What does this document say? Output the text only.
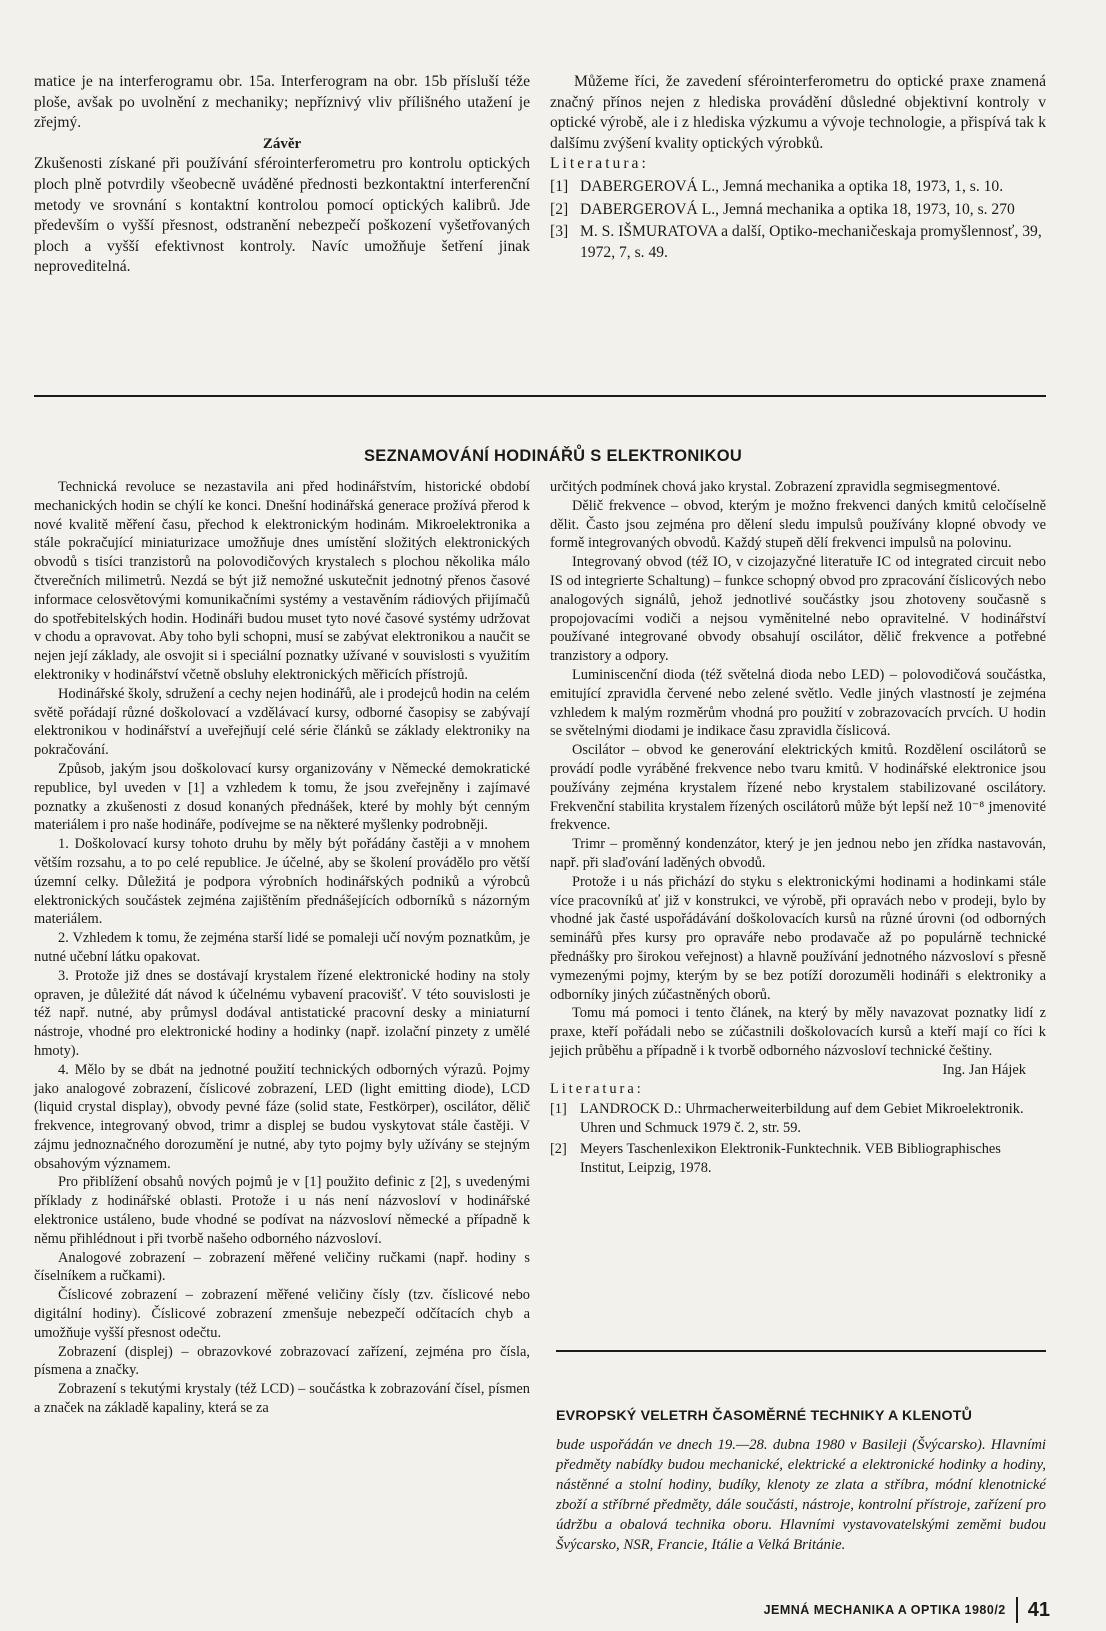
matice je na interferogramu obr. 15a. Interferogram na obr. 15b přísluší téže ploše, avšak po uvolnění z mechaniky; nepříznivý vliv přílišného utažení je zřejmý.

Závěr

Zkušenosti získané při používání sférointerferometru pro kontrolu optických ploch plně potvrdily všeobecně uváděné přednosti bezkontaktní interferenční metody ve srovnání s kontaktní kontrolou pomocí optických kalibrů. Jde především o vyšší přesnost, odstranění nebezpečí poškození vyšetřovaných ploch a vyšší efektivnost kontroly. Navíc umožňuje šetření jinak neproveditelná.

Můžeme říci, že zavedení sférointerferometru do optické praxe znamená značný přínos nejen z hlediska provádění důsledné objektivní kontroly v optické výrobě, ale i z hlediska výzkumu a vývoje technologie, a přispívá tak k dalšímu zvýšení kvality optických výrobků.

Literatura:

[1] DABERGEROVÁ L., Jemná mechanika a optika 18, 1973, 1, s. 10.
[2] DABERGEROVÁ L., Jemná mechanika a optika 18, 1973, 10, s. 270
[3] M. S. IŠMURATOVA a další, Optiko-mechaničeskaja promyšlennosť, 39, 1972, 7, s. 49.
SEZNAMOVÁNÍ HODINÁŘŮ S ELEKTRONIKOU

Technická revoluce se nezastavila ani před hodinářstvím, historické období mechanických hodin se chýlí ke konci. Dnešní hodinářská generace prožívá přerod k nové kvalitě měření času, přechod k elektronickým hodinám. Mikroelektronika a stále pokračující miniaturizace umožňuje dnes umístění složitých elektronických obvodů s tisíci tranzistorů na polovodičových krystalech s plochou několika málo čtverečních milimetrů. Nezdá se být již nemožné uskutečnit jednotný přenos časové informace celosvětovými komunikačními systémy a vestavěním rádiových přijímačů do spotřebitelských hodin. Hodináři budou muset tyto nové časové systémy udržovat v chodu a opravovat. Aby toho byli schopni, musí se zabývat elektronikou a naučit se nejen její základy, ale osvojit si i speciální poznatky užívané v souvislosti s využitím elektroniky v hodinářství včetně obsluhy elektronických měřicích přístrojů.

Hodinářské školy, sdružení a cechy nejen hodinářů, ale i prodejců hodin na celém světě pořádají různé doškolovací a vzdělávací kursy, odborné časopisy se zabývají elektronikou v hodinářství a uveřejňují celé série článků se základy elektroniky na pokračování.

Způsob, jakým jsou doškolovací kursy organizovány v Německé demokratické republice, byl uveden v [1] a vzhledem k tomu, že jsou zveřejněny i zajímavé poznatky a zkušenosti z dosud konaných přednášek, které by mohly být cenným materiálem i pro naše hodináře, podívejme se na některé myšlenky podrobněji.

1. Doškolovací kursy tohoto druhu by měly být pořádány častěji a v mnohem větším rozsahu, a to po celé republice. Je účelné, aby se školení provádělo pro větší územní celky. Důležitá je podpora výrobních hodinářských podniků a výrobců elektronických součástek zejména zajištěním přednášejících odborníků s názorným materiálem.

2. Vzhledem k tomu, že zejména starší lidé se pomaleji učí novým poznatkům, je nutné učební látku opakovat.

3. Protože již dnes se dostávají krystalem řízené elektronické hodiny na stoly opraven, je důležité dát návod k účelnému vybavení pracovišť. V této souvislosti je též např. nutné, aby průmysl dodával antistatické pracovní desky a miniaturní nástroje, vhodné pro elektronické hodiny a hodinky (např. izolační pinzety z umělé hmoty).

4. Mělo by se dbát na jednotné použití technických odborných výrazů. Pojmy jako analogové zobrazení, číslicové zobrazení, LED (light emitting diode), LCD (liquid crystal display), obvody pevné fáze (solid state, Festkörper), oscilátor, dělič frekvence, integrovaný obvod, trimr a displej se budou vyskytovat stále častěji. V zájmu jednoznačného dorozumění je nutné, aby tyto pojmy byly užívány se stejným obsahovým významem.

Pro přiblížení obsahů nových pojmů je v [1] použito definic z [2], s uvedenými příklady z hodinářské oblasti. Protože i u nás není názvosloví v hodinářské elektronice ustáleno, bude vhodné se podívat na názvosloví německé a případně k němu přihlédnout i při tvorbě našeho odborného názvosloví.

Analogové zobrazení – zobrazení měřené veličiny ručkami (např. hodiny s číselníkem a ručkami).

Číslicové zobrazení – zobrazení měřené veličiny čísly (tzv. číslicové nebo digitální hodiny). Číslicové zobrazení zmenšuje nebezpečí odčítacích chyb a umožňuje vyšší přesnost odečtu.

Zobrazení (displej) – obrazovkové zobrazovací zařízení, zejména pro čísla, písmena a značky.

Zobrazení s tekutými krystaly (též LCD) – součástka k zobrazování čísel, písmen a značek na základě kapaliny, která se za

určitých podmínek chová jako krystal. Zobrazení zpravidla segmisegmentové.

Dělič frekvence – obvod, kterým je možno frekvenci daných kmitů celočíselně dělit. Často jsou zejména pro dělení sledu impulsů používány klopné obvody ve formě integrovaných obvodů. Každý stupeň dělí frekvenci impulsů na polovinu.

Integrovaný obvod (též IO, v cizojazyčné literatuře IC od integrated circuit nebo IS od integrierte Schaltung) – funkce schopný obvod pro zpracování číslicových nebo analogových signálů, jehož jednotlivé součástky jsou zhotoveny současně s propojovacími vodiči a nejsou vyměnitelné nebo opravitelné. V hodinářství používané integrované obvody obsahují oscilátor, dělič frekvence a potřebné tranzistory a odpory.

Luminiscenční dioda (též světelná dioda nebo LED) – polovodičová součástka, emitující zpravidla červené nebo zelené světlo. Vedle jiných vlastností je zejména vzhledem k malým rozměrům vhodná pro použití v zobrazovacích prvcích. U hodin se světelnými diodami je indikace času zpravidla číslicová.

Oscilátor – obvod ke generování elektrických kmitů. Rozdělení oscilátorů se provádí podle vyráběné frekvence nebo tvaru kmitů. V hodinářské elektronice jsou používány zejména krystalem řízené nebo krystalem stabilizované oscilátory. Frekvenční stabilita krystalem řízených oscilátorů může být lepší než 10⁻⁸ jmenovité frekvence.

Trimr – proměnný kondenzátor, který je jen jednou nebo jen zřídka nastavován, např. při slaďování laděných obvodů.

Protože i u nás přichází do styku s elektronickými hodinami a hodinkami stále více pracovníků ať již v konstrukci, ve výrobě, při opravách nebo v prodeji, bylo by vhodné jak časté uspořádávání doškolovacích kursů na různé úrovni (od odborných seminářů přes kursy pro opraváře nebo prodavače až po populárně technické přednášky pro širokou veřejnost) a hlavně používání jednotného názvosloví s přesně vymezenými pojmy, kterým by se bez potíží dorozuměli hodináři s elektroniky a odborníky jiných zúčastněných oborů.

Tomu má pomoci i tento článek, na který by měly navazovat poznatky lidí z praxe, kteří pořádali nebo se zúčastnili doškolovacích kursů a kteří mají co říci k jejich průběhu a případně i k tvorbě odborného názvosloví technické češtiny.

Ing. Jan Hájek

Literatura:

[1] LANDROCK D.: Uhrmacherweiterbildung auf dem Gebiet Mikroelektronik. Uhren und Schmuck 1979 č. 2, str. 59.
[2] Meyers Taschenlexikon Elektronik-Funktechnik. VEB Bibliographisches Institut, Leipzig, 1978.
EVROPSKÝ VELETRH ČASOMĚRNÉ TECHNIKY A KLENOTŮ
bude uspořádán ve dnech 19.—28. dubna 1980 v Basileji (Švýcarsko). Hlavními předměty nabídky budou mechanické, elektrické a elektronické hodinky a hodiny, nástěnné a stolní hodiny, budíky, klenoty ze zlata a stříbra, módní klenotnické zboží a stříbrné předměty, dále součásti, nástroje, kontrolní přístroje, zařízení pro údržbu a obalová technika oboru. Hlavními vystavovatelskými zeměmi budou Švýcarsko, NSR, Francie, Itálie a Velká Británie.
JEMNÁ MECHANIKA A OPTIKA 1980/2 41
